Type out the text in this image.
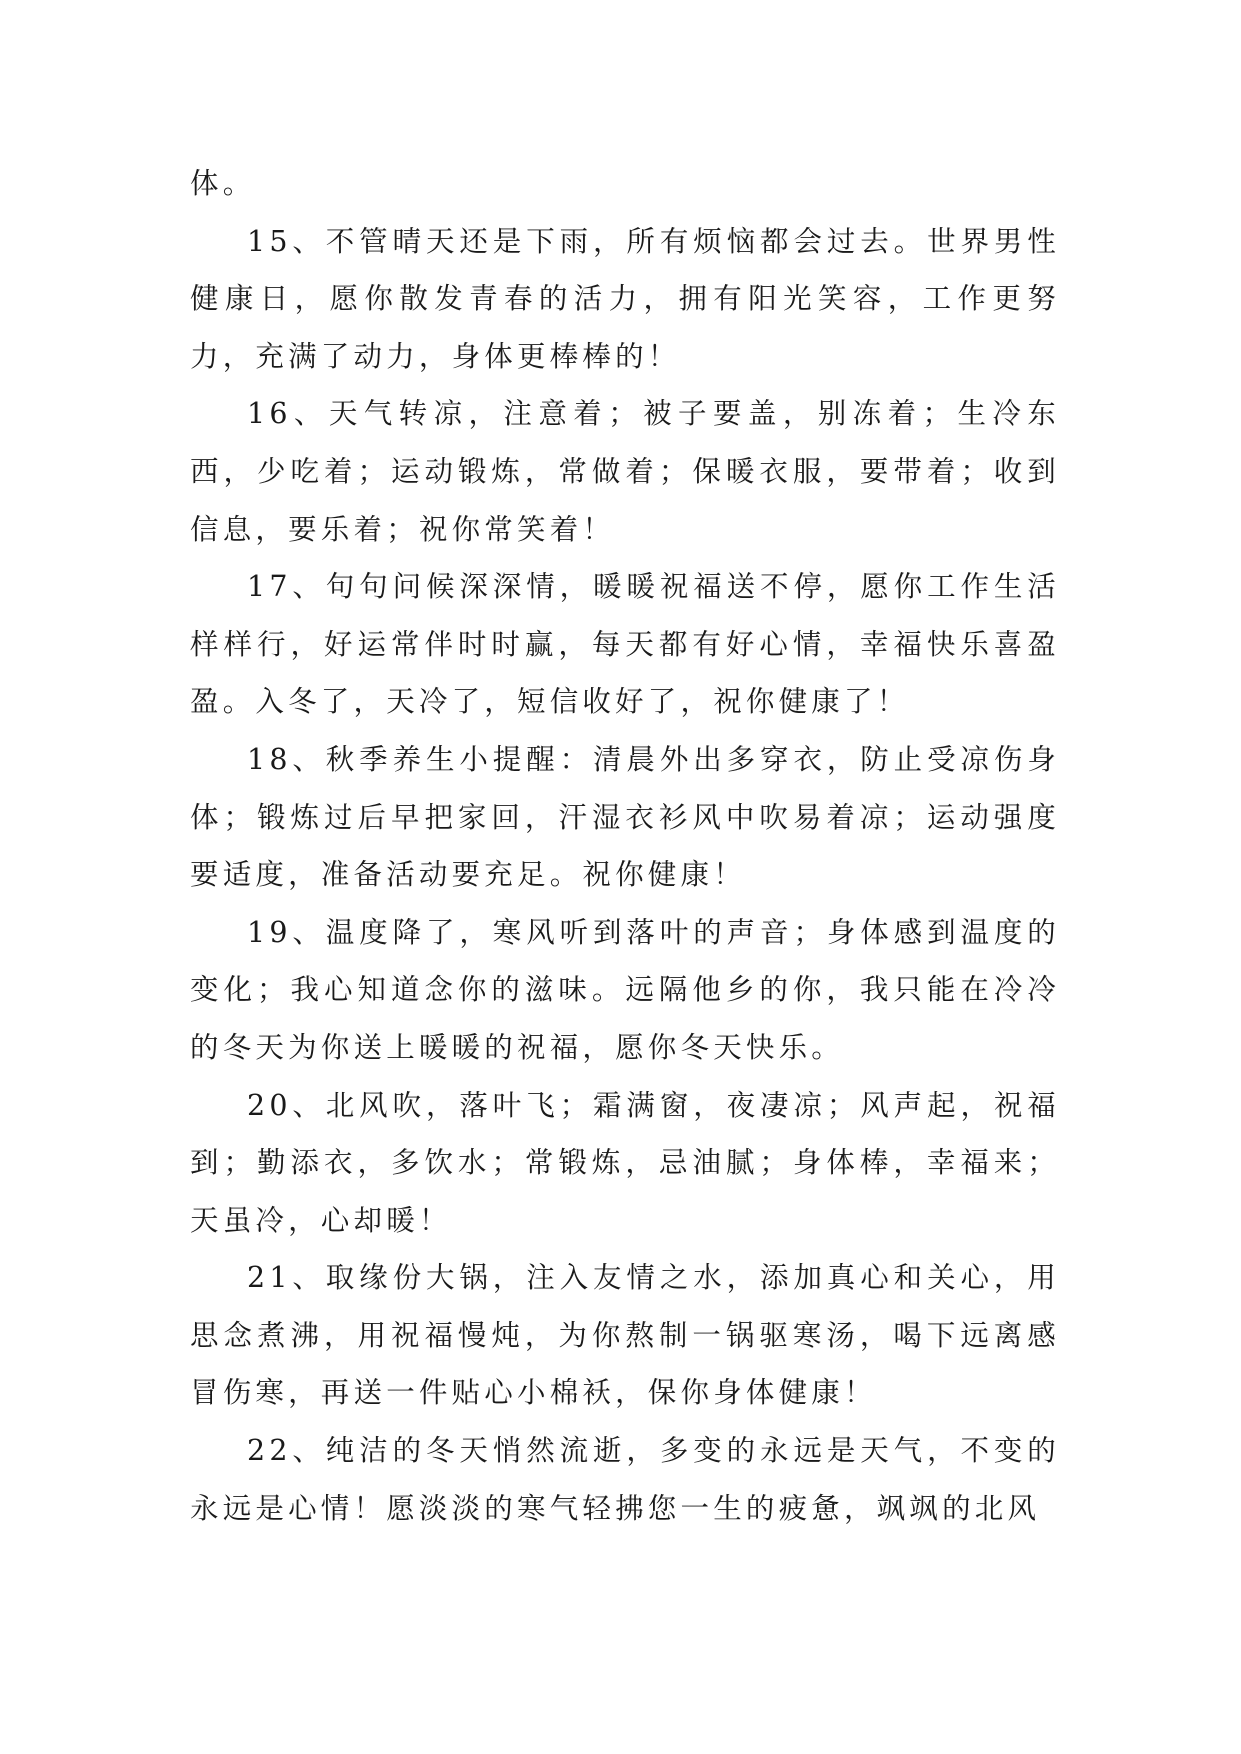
体。

15、不管晴天还是下雨，所有烦恼都会过去。世界男性健康日，愿你散发青春的活力，拥有阳光笑容，工作更努力，充满了动力，身体更棒棒的！

16、天气转凉，注意着；被子要盖，别冻着；生冷东西，少吃着；运动锻炼，常做着；保暖衣服，要带着；收到信息，要乐着；祝你常笑着！

17、句句问候深深情，暖暖祝福送不停，愿你工作生活样样行，好运常伴时时赢，每天都有好心情，幸福快乐喜盈盈。入冬了，天冷了，短信收好了，祝你健康了！

18、秋季养生小提醒：清晨外出多穿衣，防止受凉伤身体；锻炼过后早把家回，汗湿衣衫风中吹易着凉；运动强度要适度，准备活动要充足。祝你健康！

19、温度降了，寒风听到落叶的声音；身体感到温度的变化；我心知道念你的滋味。远隔他乡的你，我只能在冷冷的冬天为你送上暖暖的祝福，愿你冬天快乐。

20、北风吹，落叶飞；霜满窗，夜凄凉；风声起，祝福到；勤添衣，多饮水；常锻炼，忌油腻；身体棒，幸福来；天虽冷，心却暖！

21、取缘份大锅，注入友情之水，添加真心和关心，用思念煮沸，用祝福慢炖，为你熬制一锅驱寒汤，喝下远离感冒伤寒，再送一件贴心小棉袄，保你身体健康！

22、纯洁的冬天悄然流逝，多变的永远是天气，不变的永远是心情！愿淡淡的寒气轻拂您一生的疲惫，飒飒的北风
